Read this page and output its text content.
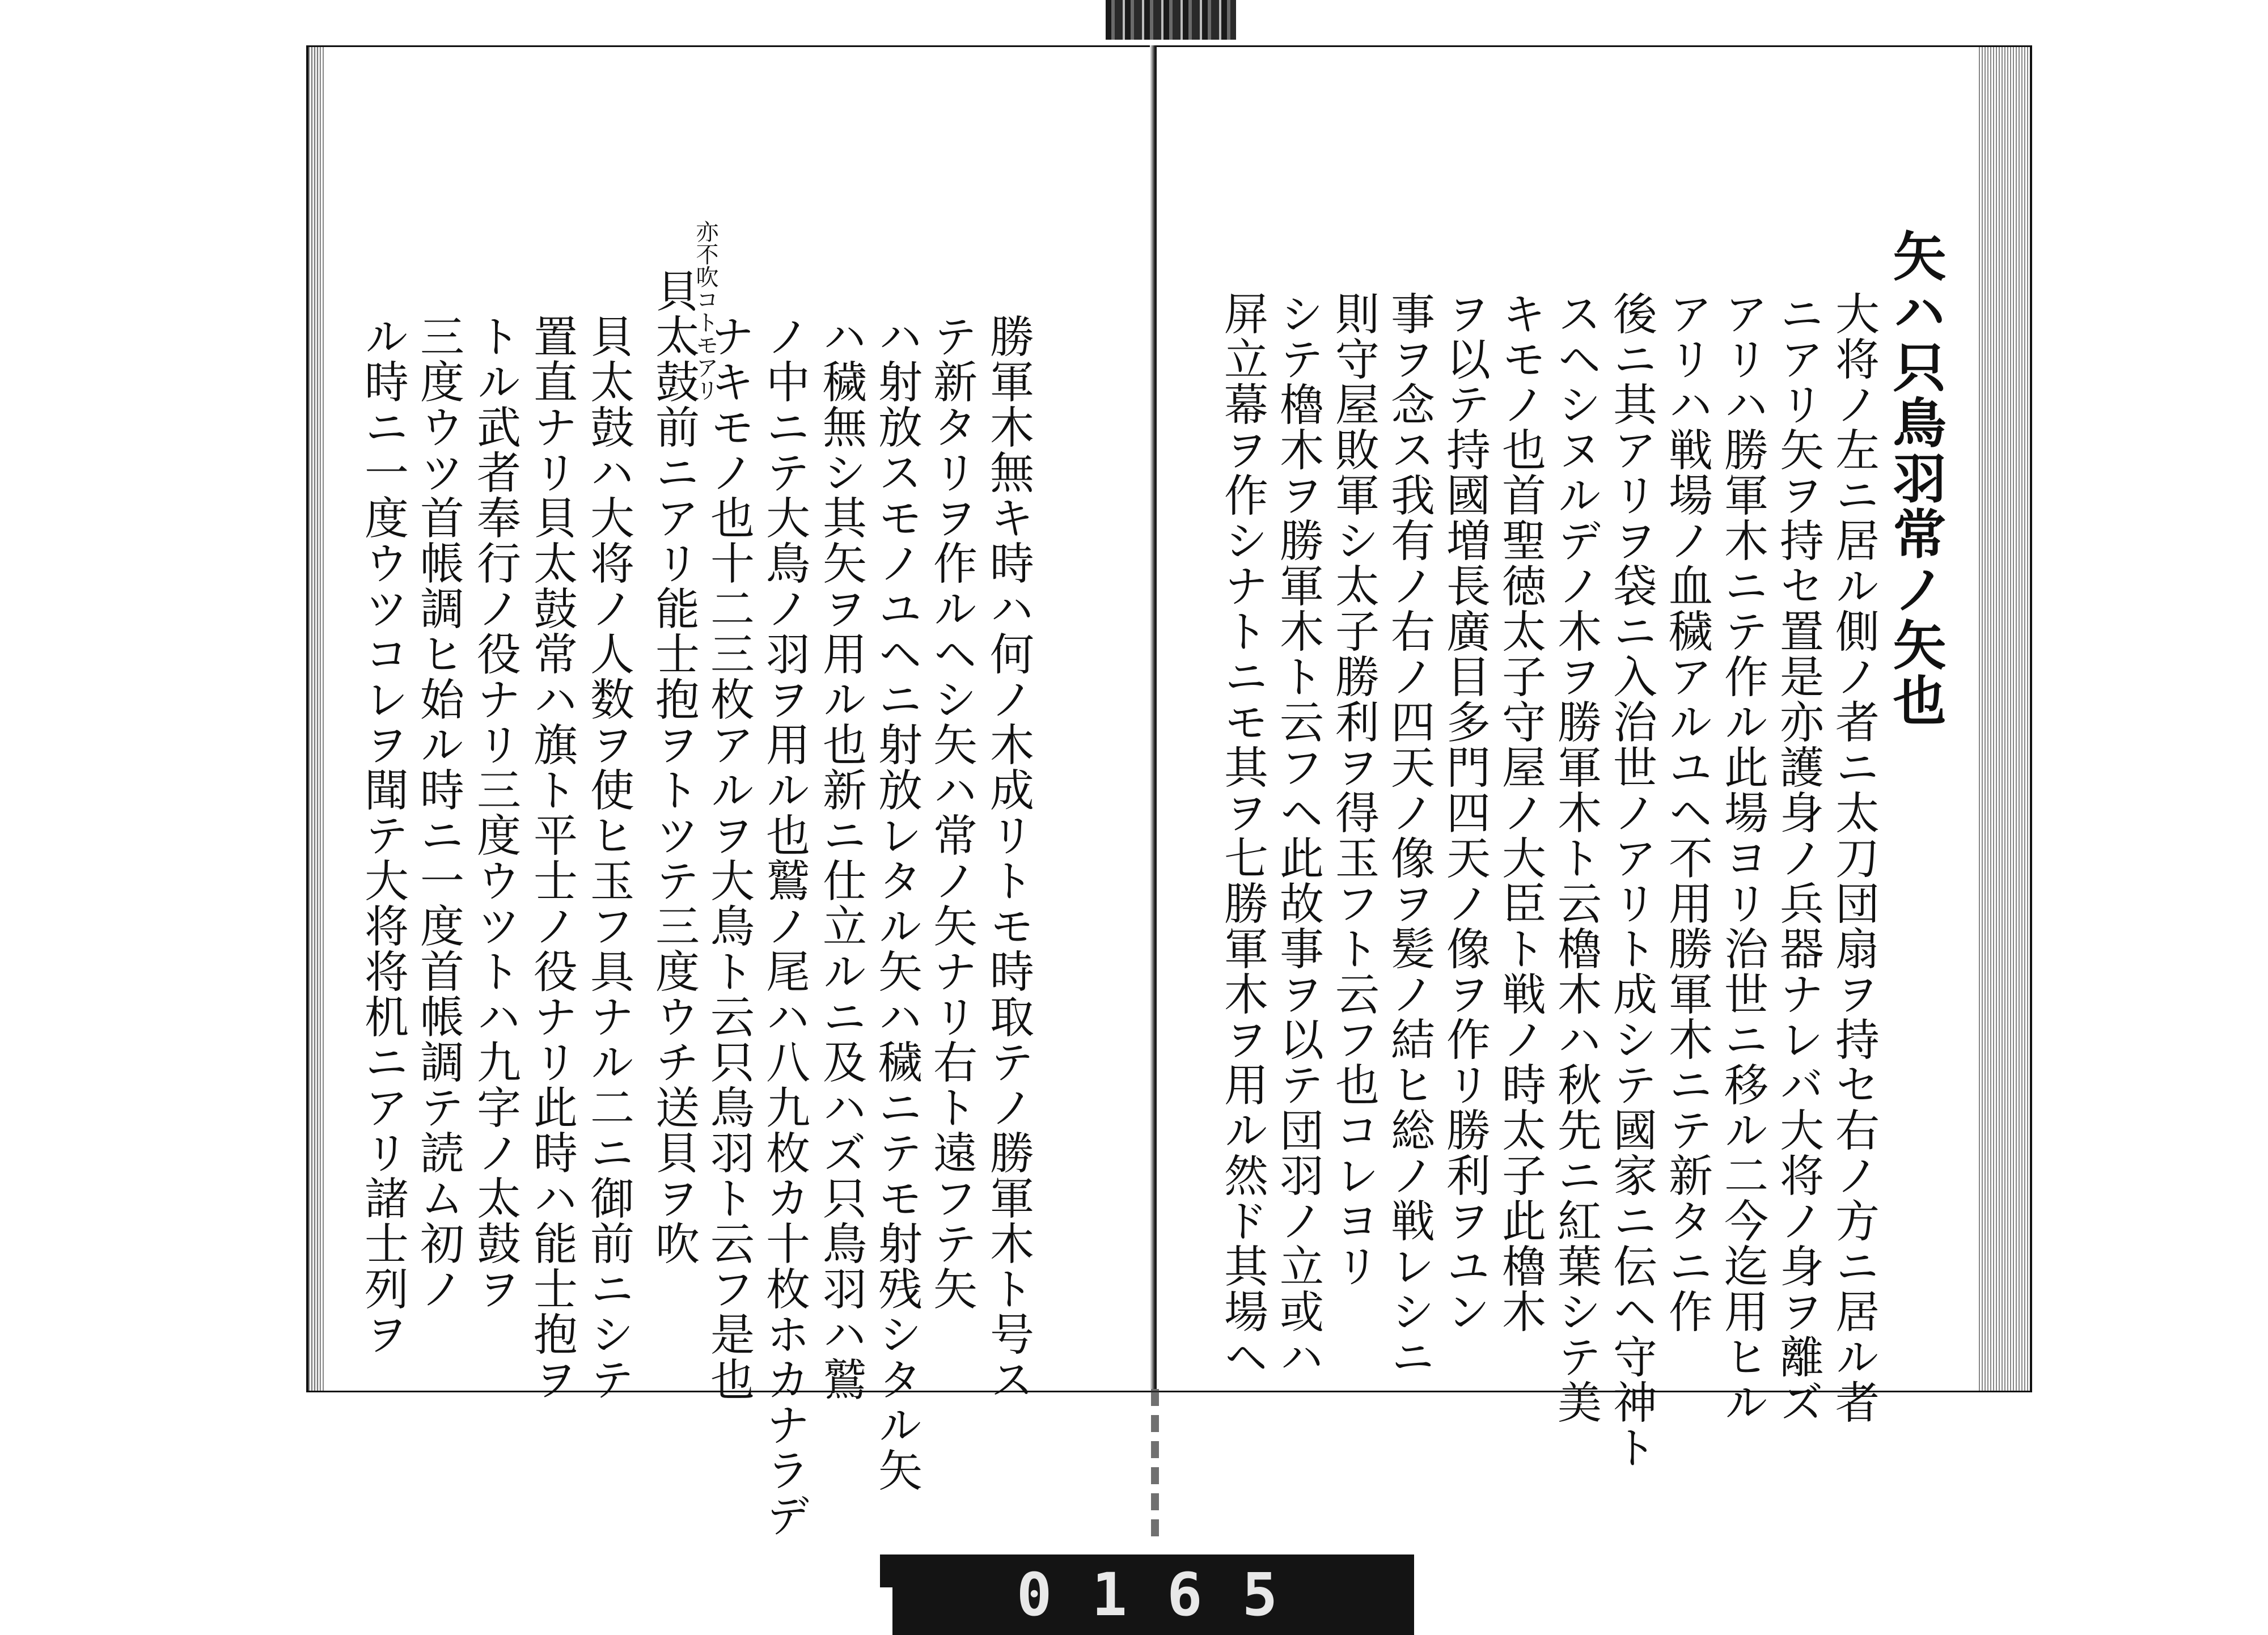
勝軍木無キ時ハ何ノ木成リトモ時取テノ勝軍木ト号ス
テ新タリヲ作ルヘシ矢ハ常ノ矢ナリ右ト遠フテ矢
ハ射放スモノユヘニ射放レタル矢ハ穢ニテモ射残シタル矢
ハ穢無シ其矢ヲ用ル也新ニ仕立ルニ及ハズ只鳥羽ハ鷲
ノ中ニテ大鳥ノ羽ヲ用ル也鷲ノ尾ハ八九枚カ十枚ホカナラデ
ナキモノ也十二三枚アルヲ大鳥ト云只鳥羽ト云フ是也
貝太鼓前ニアリ能士抱ヲトツテ三度ウチ送貝ヲ吹
亦不吹コトモアリ
貝太鼓ハ大将ノ人数ヲ使ヒ玉フ具ナル二ニ御前ニシテ
置直ナリ貝太鼓常ハ旗ト平士ノ役ナリ此時ハ能士抱ヲ
トル武者奉行ノ役ナリ三度ウツトハ九字ノ太鼓ヲ
三度ウツ首帳調ヒ始ル時ニ一度首帳調テ読ム初ノ
ル時ニ一度ウツコレヲ聞テ大将将机ニアリ諸士列ヲ	矢ハ只鳥羽常ノ矢也
大将ノ左ニ居ル側ノ者ニ太刀団扇ヲ持セ右ノ方ニ居ル者
ニアリ矢ヲ持セ置是亦護身ノ兵器ナレバ大将ノ身ヲ離ズ
アリハ勝軍木ニテ作ル此場ヨリ治世ニ移ル二今迄用ヒル
アリハ戦場ノ血穢アルユヘ不用勝軍木ニテ新タニ作
後ニ其アリヲ袋ニ入治世ノアリト成シテ國家ニ伝ヘ守神ト
スヘシヌルデノ木ヲ勝軍木ト云櫓木ハ秋先ニ紅葉シテ美
キモノ也首聖徳太子守屋ノ大臣ト戦ノ時太子此櫓木
ヲ以テ持國増長廣目多門四天ノ像ヲ作リ勝利ヲユン
事ヲ念ス我有ノ右ノ四天ノ像ヲ髪ノ結ヒ総ノ戦レシニ
則守屋敗軍シ太子勝利ヲ得玉フト云フ也コレヨリ
シテ櫓木ヲ勝軍木ト云フヘ此故事ヲ以テ団羽ノ立或ハ
屏立幕ヲ作シナトニモ其ヲ七勝軍木ヲ用ル然ド其場ヘ
0 1 6 5
